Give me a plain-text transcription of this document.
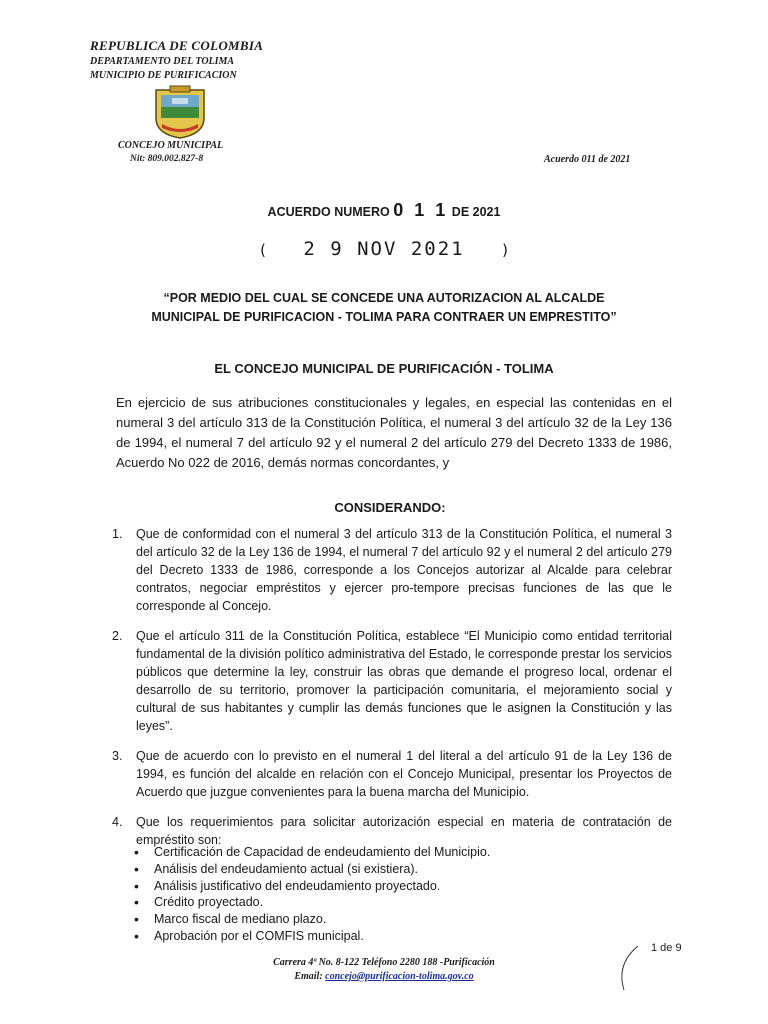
REPUBLICA DE COLOMBIA
DEPARTAMENTO DEL TOLIMA
MUNICIPIO DE PURIFICACION
CONCEJO MUNICIPAL
Nit: 809.002.827-8	Acuerdo 011 de 2021
ACUERDO NUMERO 0 1 1 DE 2021
( 2 9 NOV 2021 )
“POR MEDIO DEL CUAL SE CONCEDE UNA AUTORIZACION AL ALCALDE
MUNICIPAL DE PURIFICACION - TOLIMA PARA CONTRAER UN EMPRESTITO”
EL CONCEJO MUNICIPAL DE PURIFICACIÓN - TOLIMA
En ejercicio de sus atribuciones constitucionales y legales, en especial las contenidas en el numeral 3 del artículo 313 de la Constitución Política, el numeral 3 del artículo 32 de la Ley 136 de 1994, el numeral 7 del artículo 92 y el numeral 2 del artículo 279 del Decreto 1333 de 1986, Acuerdo No 022 de 2016, demás normas concordantes, y
CONSIDERANDO:
1. Que de conformidad con el numeral 3 del artículo 313 de la Constitución Política, el numeral 3 del artículo 32 de la Ley 136 de 1994, el numeral 7 del artículo 92 y el numeral 2 del artículo 279 del Decreto 1333 de 1986, corresponde a los Concejos autorizar al Alcalde para celebrar contratos, negociar empréstitos y ejercer pro-tempore precisas funciones de las que le corresponde al Concejo.
2. Que el artículo 311 de la Constitución Política, establece “El Municipio como entidad territorial fundamental de la división político administrativa del Estado, le corresponde prestar los servicios públicos que determine la ley, construir las obras que demande el progreso local, ordenar el desarrollo de su territorio, promover la participación comunitaria, el mejoramiento social y cultural de sus habitantes y cumplir las demás funciones que le asignen la Constitución y las leyes”.
3. Que de acuerdo con lo previsto en el numeral 1 del literal a del artículo 91 de la Ley 136 de 1994, es función del alcalde en relación con el Concejo Municipal, presentar los Proyectos de Acuerdo que juzgue convenientes para la buena marcha del Municipio.
4. Que los requerimientos para solicitar autorización especial en materia de contratación de empréstito son:
• Certificación de Capacidad de endeudamiento del Municipio.
• Análisis del endeudamiento actual (si existiera).
• Análisis justificativo del endeudamiento proyectado.
• Crédito proyectado.
• Marco fiscal de mediano plazo.
• Aprobación por el COMFIS municipal.
1 de 9
Carrera 4ª No. 8-122 Teléfono 2280 188 -Purificación
Email: concejo@purificacion-tolima.gov.co
